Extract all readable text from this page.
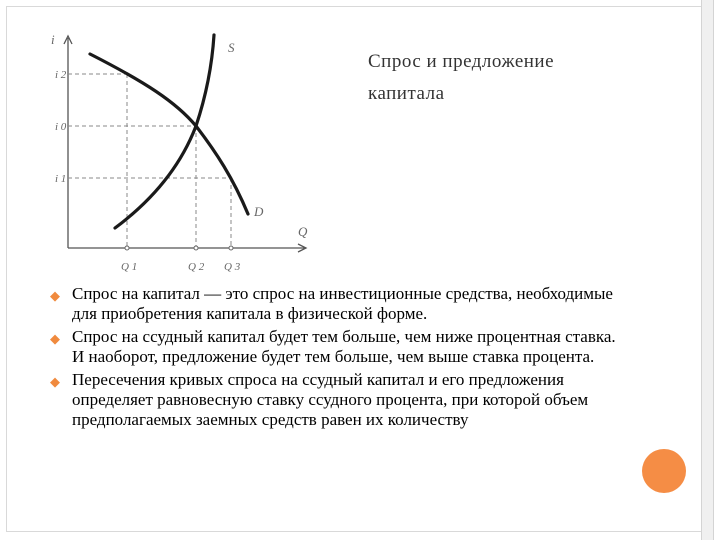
i
Q
S
D
i 2
i 0
i 1
Q 1	Q 2 Q 3
Спрос и предложение
капитала
◆ Спрос на капитал — это спрос на инвестиционные средства, необходимые для приобретения капитала в физической форме.
◆ Спрос на ссудный капитал будет тем больше, чем ниже процентная ставка. И наоборот, предложение будет тем больше, чем выше ставка процента.
◆ Пересечения кривых спроса на ссудный капитал и его предложения определяет равновесную ставку ссудного процента, при которой объем предполагаемых заемных средств равен их количеству
